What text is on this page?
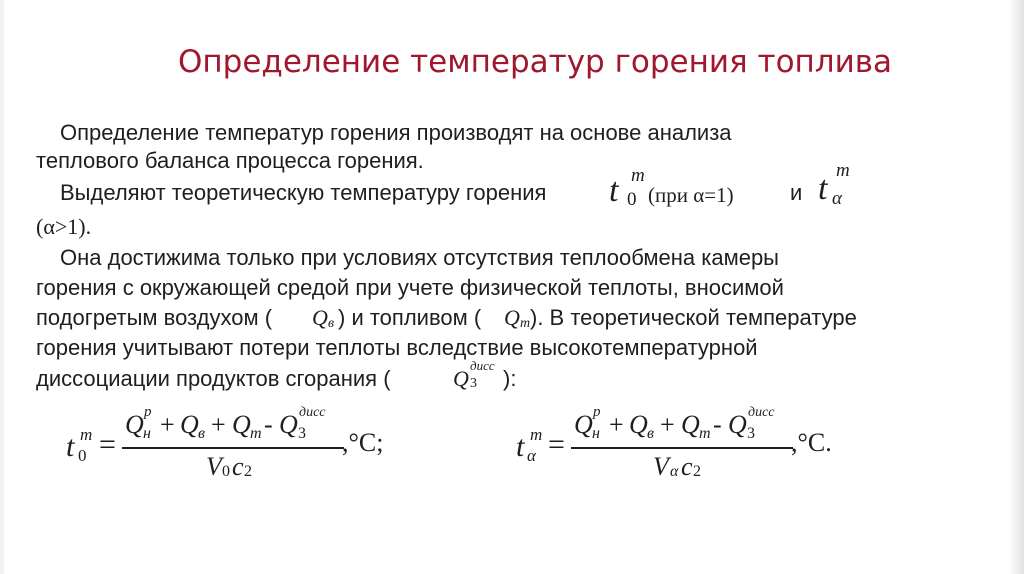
Определение температур горения топлива
Определение температур горения производят на основе анализа
теплового баланса процесса горения.
Выделяют теоретическую температуру горения t m
0 (при α=1)	и t m
α
(α>1).
Она достижима только при условиях отсутствия теплообмена камеры
горения с окружающей средой при учете физической теплоты, вносимой
подогретым воздухом ( Q в ) и топливом ( Q т ). В теоретической температуре
горения учитывают потери теплоты вследствие высокотемпературной
диссоциации продуктов сгорания (	Q 3
дисс
):
t m
0 =
Q н
р + Q в + Q т - Q 3
дисс
V 0 c 2
,°C;	t m
α =
Q н
р + Q в + Q т - Q 3
дисс
V α c 2
,°C.
